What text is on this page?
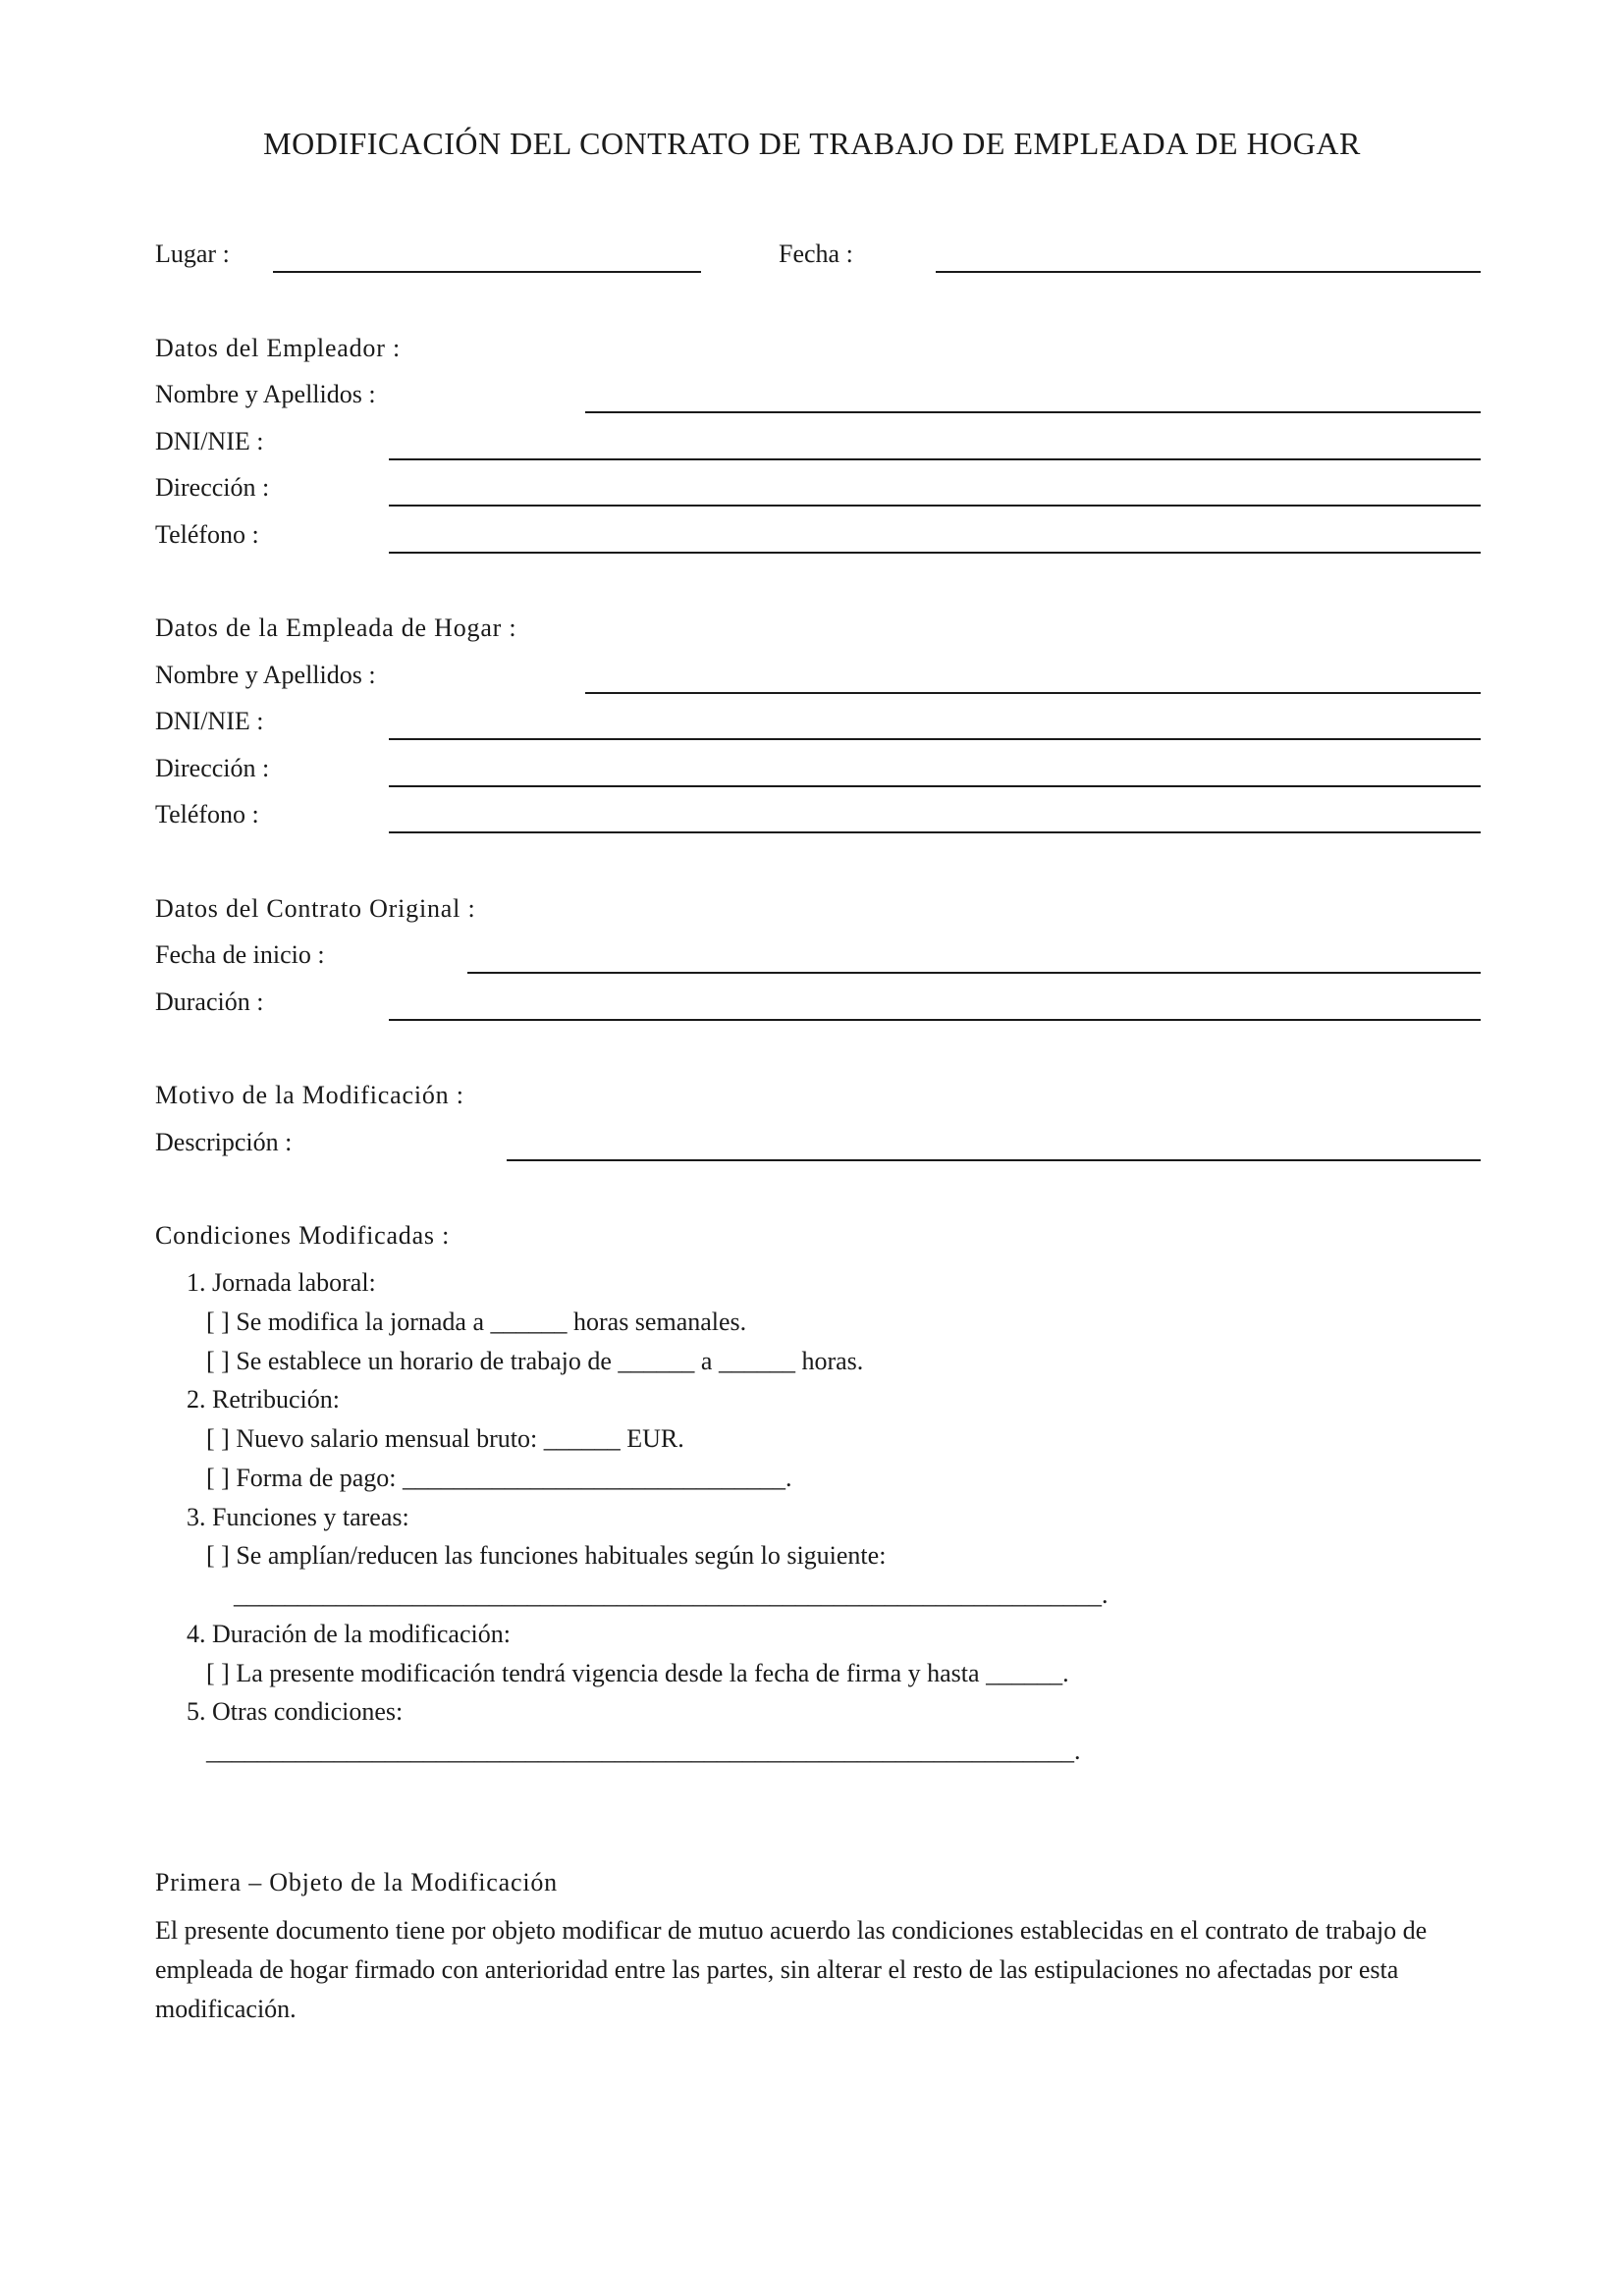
MODIFICACIÓN DEL CONTRATO DE TRABAJO DE EMPLEADA DE HOGAR
Lugar :	Fecha :
Datos del Empleador :
Nombre y Apellidos :
DNI/NIE :
Dirección :
Teléfono :
Datos de la Empleada de Hogar :
Nombre y Apellidos :
DNI/NIE :
Dirección :
Teléfono :
Datos del Contrato Original :
Fecha de inicio :
Duración :
Motivo de la Modificación :
Descripción :
Condiciones Modificadas :
1. Jornada laboral:
[ ] Se modifica la jornada a ______ horas semanales.
[ ] Se establece un horario de trabajo de ______ a ______ horas.
2. Retribución:
[ ] Nuevo salario mensual bruto: ______ EUR.
[ ] Forma de pago: ______________________________.
3. Funciones y tareas:
[ ] Se amplían/reducen las funciones habituales según lo siguiente:
____________________________________________________________________.
4. Duración de la modificación:
[ ] La presente modificación tendrá vigencia desde la fecha de firma y hasta ______.
5. Otras condiciones:
____________________________________________________________________.
Primera – Objeto de la Modificación
El presente documento tiene por objeto modificar de mutuo acuerdo las condiciones establecidas en el contrato de trabajo de empleada de hogar firmado con anterioridad entre las partes, sin alterar el resto de las estipulaciones no afectadas por esta modificación.
